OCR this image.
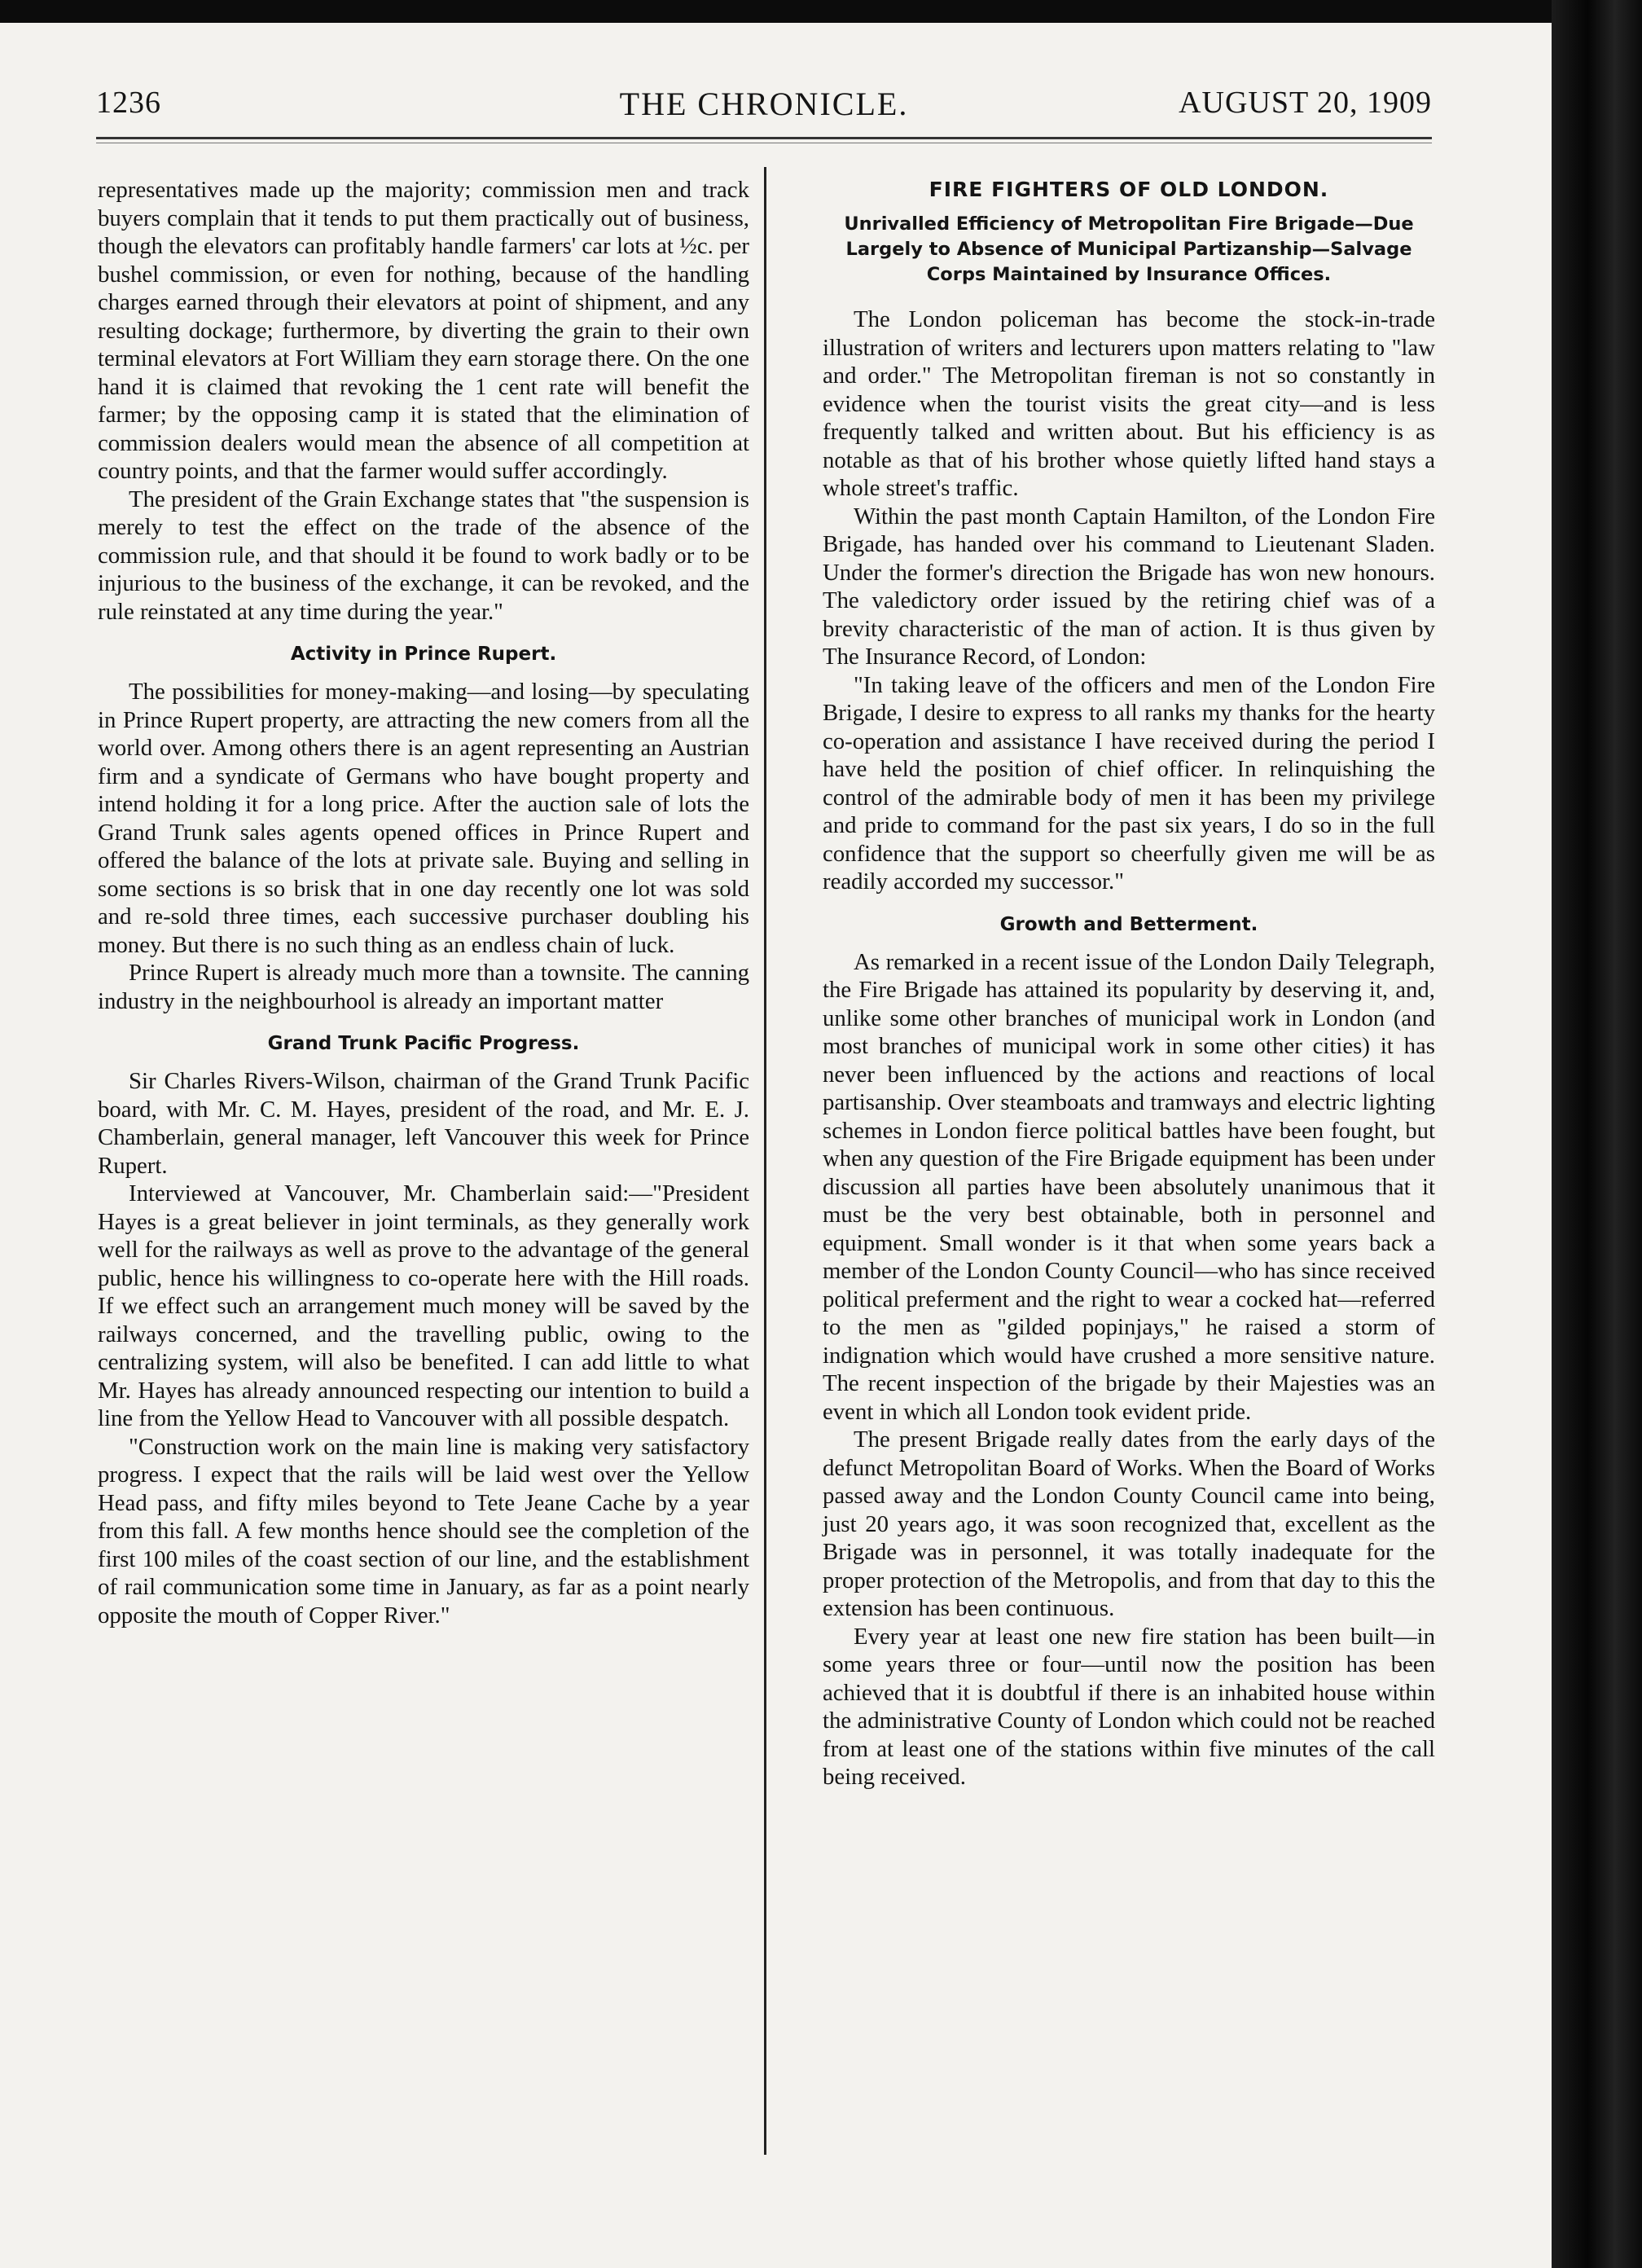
1236	THE CHRONICLE.	AUGUST 20, 1909

representatives made up the majority; commission men and track buyers complain that it tends to put them practically out of business, though the elevators can profitably handle farmers' car lots at ½c. per bushel commission, or even for nothing, because of the handling charges earned through their elevators at point of shipment, and any resulting dockage; furthermore, by diverting the grain to their own terminal elevators at Fort William they earn storage there. On the one hand it is claimed that revoking the 1 cent rate will benefit the farmer; by the opposing camp it is stated that the elimination of commission dealers would mean the absence of all competition at country points, and that the farmer would suffer accordingly.

The president of the Grain Exchange states that "the suspension is merely to test the effect on the trade of the absence of the commission rule, and that should it be found to work badly or to be injurious to the business of the exchange, it can be revoked, and the rule reinstated at any time during the year."

Activity in Prince Rupert.

The possibilities for money-making—and losing—by speculating in Prince Rupert property, are attracting the new comers from all the world over. Among others there is an agent representing an Austrian firm and a syndicate of Germans who have bought property and intend holding it for a long price. After the auction sale of lots the Grand Trunk sales agents opened offices in Prince Rupert and offered the balance of the lots at private sale. Buying and selling in some sections is so brisk that in one day recently one lot was sold and re-sold three times, each successive purchaser doubling his money. But there is no such thing as an endless chain of luck.

Prince Rupert is already much more than a townsite. The canning industry in the neighbourhool is already an important matter

Grand Trunk Pacific Progress.

Sir Charles Rivers-Wilson, chairman of the Grand Trunk Pacific board, with Mr. C. M. Hayes, president of the road, and Mr. E. J. Chamberlain, general manager, left Vancouver this week for Prince Rupert.

Interviewed at Vancouver, Mr. Chamberlain said:—"President Hayes is a great believer in joint terminals, as they generally work well for the railways as well as prove to the advantage of the general public, hence his willingness to co-operate here with the Hill roads. If we effect such an arrangement much money will be saved by the railways concerned, and the travelling public, owing to the centralizing system, will also be benefited. I can add little to what Mr. Hayes has already announced respecting our intention to build a line from the Yellow Head to Vancouver with all possible despatch.

"Construction work on the main line is making very satisfactory progress. I expect that the rails will be laid west over the Yellow Head pass, and fifty miles beyond to Tete Jeane Cache by a year from this fall. A few months hence should see the completion of the first 100 miles of the coast section of our line, and the establishment of rail communication some time in January, as far as a point nearly opposite the mouth of Copper River."

FIRE FIGHTERS OF OLD LONDON.
Unrivalled Efficiency of Metropolitan Fire Brigade—Due Largely to Absence of Municipal Partizanship—Salvage Corps Maintained by Insurance Offices.

The London policeman has become the stock-in-trade illustration of writers and lecturers upon matters relating to "law and order." The Metropolitan fireman is not so constantly in evidence when the tourist visits the great city—and is less frequently talked and written about. But his efficiency is as notable as that of his brother whose quietly lifted hand stays a whole street's traffic.

Within the past month Captain Hamilton, of the London Fire Brigade, has handed over his command to Lieutenant Sladen. Under the former's direction the Brigade has won new honours. The valedictory order issued by the retiring chief was of a brevity characteristic of the man of action. It is thus given by The Insurance Record, of London:

"In taking leave of the officers and men of the London Fire Brigade, I desire to express to all ranks my thanks for the hearty co-operation and assistance I have received during the period I have held the position of chief officer. In relinquishing the control of the admirable body of men it has been my privilege and pride to command for the past six years, I do so in the full confidence that the support so cheerfully given me will be as readily accorded my successor."

Growth and Betterment.

As remarked in a recent issue of the London Daily Telegraph, the Fire Brigade has attained its popularity by deserving it, and, unlike some other branches of municipal work in London (and most branches of municipal work in some other cities) it has never been influenced by the actions and reactions of local partisanship. Over steamboats and tramways and electric lighting schemes in London fierce political battles have been fought, but when any question of the Fire Brigade equipment has been under discussion all parties have been absolutely unanimous that it must be the very best obtainable, both in personnel and equipment. Small wonder is it that when some years back a member of the London County Council—who has since received political preferment and the right to wear a cocked hat—referred to the men as "gilded popinjays," he raised a storm of indignation which would have crushed a more sensitive nature. The recent inspection of the brigade by their Majesties was an event in which all London took evident pride.

The present Brigade really dates from the early days of the defunct Metropolitan Board of Works. When the Board of Works passed away and the London County Council came into being, just 20 years ago, it was soon recognized that, excellent as the Brigade was in personnel, it was totally inadequate for the proper protection of the Metropolis, and from that day to this the extension has been continuous.

Every year at least one new fire station has been built—in some years three or four—until now the position has been achieved that it is doubtful if there is an inhabited house within the administrative County of London which could not be reached from at least one of the stations within five minutes of the call being received.
